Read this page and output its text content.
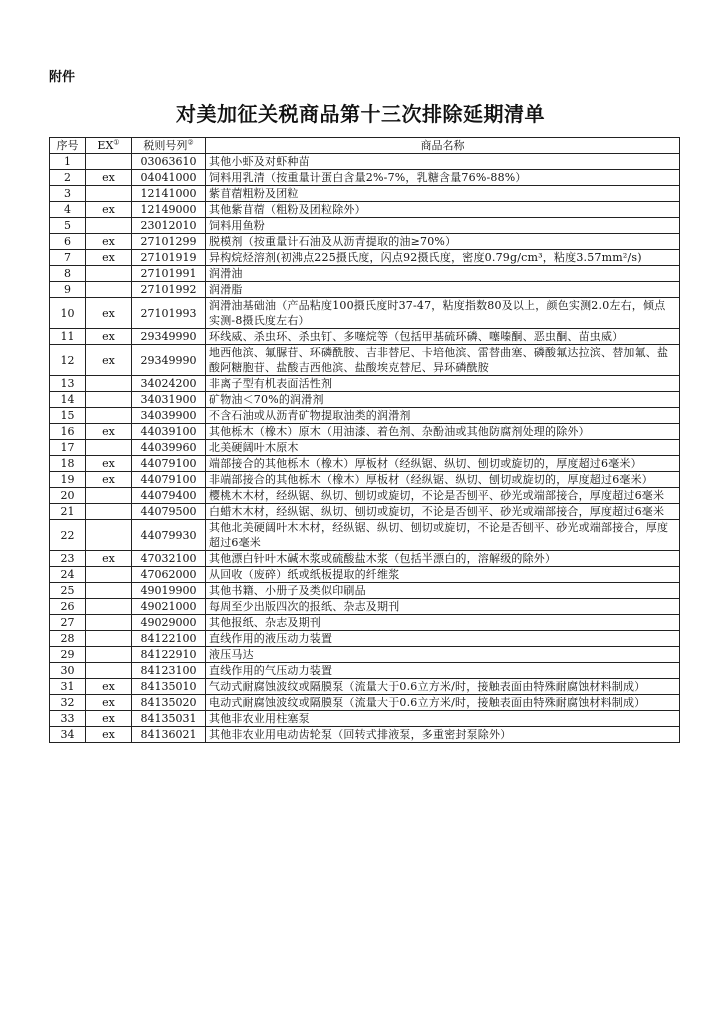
附件
对美加征关税商品第十三次排除延期清单
序号	EX①	税则号列②	商品名称
1		03063610	其他小虾及对虾种苗
2	ex	04041000	饲料用乳清（按重量计蛋白含量2%-7%，乳糖含量76%-88%）
3		12141000	紫苜蓿粗粉及团粒
4	ex	12149000	其他紫苜蓿（粗粉及团粒除外）
5		23012010	饲料用鱼粉
6	ex	27101299	脱模剂（按重量计石油及从沥青提取的油≥70%）
7	ex	27101919	异构烷烃溶剂(初沸点225摄氏度，闪点92摄氏度，密度0.79g/cm³，粘度3.57mm²/s)
8		27101991	润滑油
9		27101992	润滑脂
10	ex	27101993	润滑油基础油（产品粘度100摄氏度时37-47，粘度指数80及以上，颜色实测2.0左右，倾点实测-8摄氏度左右）
11	ex	29349990	环线威、杀虫环、杀虫钉、多噻烷等（包括甲基硫环磷、噻嗪酮、恶虫酮、苗虫威）
12	ex	29349990	地西他滨、氟脲苷、环磷酰胺、吉非替尼、卡培他滨、雷替曲塞、磷酸氟达拉滨、替加氟、盐酸阿糖胞苷、盐酸吉西他滨、盐酸埃克替尼、异环磷酰胺
13		34024200	非离子型有机表面活性剂
14		34031900	矿物油＜70%的润滑剂
15		34039900	不含石油或从沥青矿物提取油类的润滑剂
16	ex	44039100	其他栎木（橡木）原木（用油漆、着色剂、杂酚油或其他防腐剂处理的除外）
17		44039960	北美硬阔叶木原木
18	ex	44079100	端部接合的其他栎木（橡木）厚板材（经纵锯、纵切、刨切或旋切的，厚度超过6毫米）
19	ex	44079100	非端部接合的其他栎木（橡木）厚板材（经纵锯、纵切、刨切或旋切的，厚度超过6毫米）
20		44079400	樱桃木木材，经纵锯、纵切、刨切或旋切，不论是否刨平、砂光或端部接合，厚度超过6毫米
21		44079500	白蜡木木材，经纵锯、纵切、刨切或旋切，不论是否刨平、砂光或端部接合，厚度超过6毫米
22		44079930	其他北美硬阔叶木木材，经纵锯、纵切、刨切或旋切，不论是否刨平、砂光或端部接合，厚度超过6毫米
23	ex	47032100	其他漂白针叶木碱木浆或硫酸盐木浆（包括半漂白的，溶解级的除外）
24		47062000	从回收（废碎）纸或纸板提取的纤维浆
25		49019900	其他书籍、小册子及类似印刷品
26		49021000	每周至少出版四次的报纸、杂志及期刊
27		49029000	其他报纸、杂志及期刊
28		84122100	直线作用的液压动力装置
29		84122910	液压马达
30		84123100	直线作用的气压动力装置
31	ex	84135010	气动式耐腐蚀波纹或隔膜泵（流量大于0.6立方米/时，接触表面由特殊耐腐蚀材料制成）
32	ex	84135020	电动式耐腐蚀波纹或隔膜泵（流量大于0.6立方米/时，接触表面由特殊耐腐蚀材料制成）
33	ex	84135031	其他非农业用柱塞泵
34	ex	84136021	其他非农业用电动齿轮泵（回转式排液泵，多重密封泵除外）
